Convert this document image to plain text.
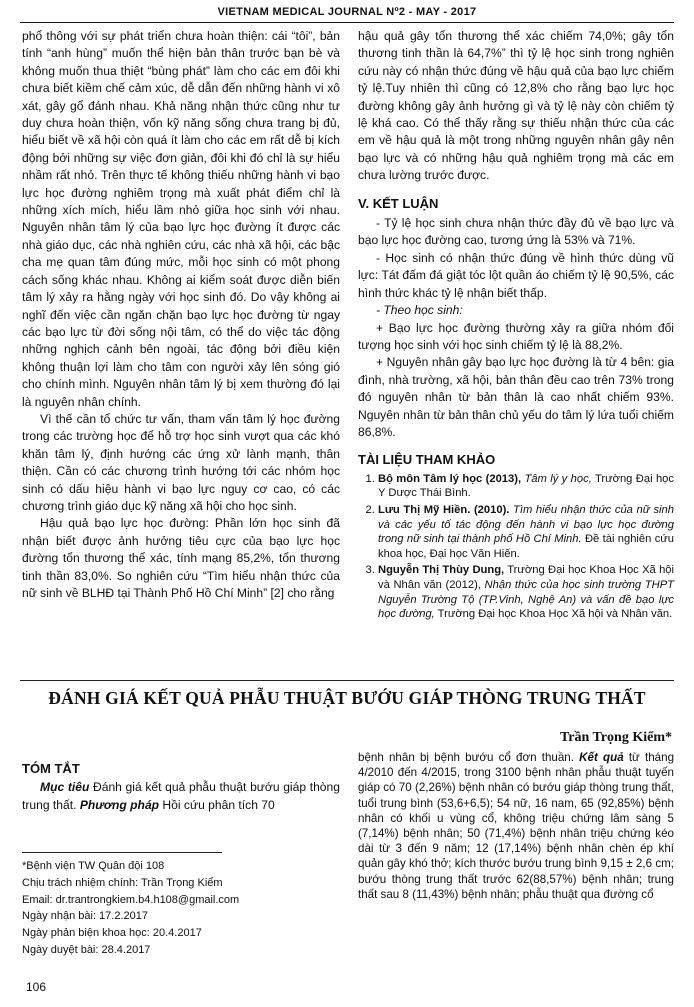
VIETNAM MEDICAL JOURNAL Nº2 - MAY - 2017

phổ thông với sự phát triển chưa hoàn thiện: cái “tôi”, bản tính “anh hùng” muốn thể hiện bản thân trước bạn bè và không muốn thua thiệt “bùng phát” làm cho các em đôi khi chưa biết kiềm chế cảm xúc, dễ dẫn đến những hành vi xô xát, gây gổ đánh nhau. Khả năng nhận thức cũng như tư duy chưa hoàn thiện, vốn kỹ năng sống chưa trang bị đủ, hiểu biết về xã hội còn quá ít làm cho các em rất dễ bị kích động bởi những sự việc đơn giản, đôi khi đó chỉ là sự hiểu nhầm rất nhỏ. Trên thực tế không thiếu những hành vi bạo lực học đường nghiêm trọng mà xuất phát điểm chỉ là những xích mích, hiểu lầm nhỏ giữa học sinh với nhau. Nguyên nhân tâm lý của bạo lực học đường ít được các nhà giáo dục, các nhà nghiên cứu, các nhà xã hội, các bậc cha mẹ quan tâm đúng mức, mỗi học sinh có một phong cách sống khác nhau. Không ai kiểm soát được diễn biến tâm lý xảy ra hằng ngày với học sinh đó. Do vậy không ai nghĩ đến việc cần ngăn chặn bạo lực học đường từ ngay các bạo lực từ đời sống nội tâm, có thể do việc tác động những nghịch cảnh bên ngoài, tác động bởi điều kiện không thuận lợi làm cho tâm con người xảy lên sóng gió cho chính mình. Nguyên nhân tâm lý bị xem thường đó lại là nguyên nhân chính.

Vì thế cần tổ chức tư vấn, tham vấn tâm lý học đường trong các trường học để hỗ trợ học sinh vượt qua các khó khăn tâm lý, định hướng các ứng xử lành mạnh, thân thiện. Cần có các chương trình hướng tới các nhóm học sinh có dấu hiệu hành vi bạo lực nguy cơ cao, có các chương trình giáo dục kỹ năng xã hội cho học sinh.

Hậu quả bạo lực học đường: Phần lớn học sinh đã nhận biết được ảnh hưởng tiêu cực của bạo lực học đường tổn thương thể xác, tính mạng 85,2%, tổn thương tinh thần 83,0%. So nghiên cứu “Tìm hiểu nhận thức của nữ sinh về BLHĐ tại Thành Phố Hồ Chí Minh” [2] cho rằng

hậu quả gây tổn thương thể xác chiếm 74,0%; gây tổn thương tinh thần là 64,7%” thì tỷ lệ học sinh trong nghiên cứu này có nhận thức đúng về hậu quả của bạo lực chiếm tỷ lệ.Tuy nhiên thì cũng có 12,8% cho rằng bạo lực học đường không gây ảnh hưởng gì và tỷ lệ này còn chiếm tỷ lệ khá cao. Có thể thấy rằng sự thiếu nhận thức của các em về hậu quả là một trong những nguyên nhân gây nên bạo lực và có những hậu quả nghiêm trọng mà các em chưa lường trước được.

V. KẾT LUẬN

- Tỷ lệ học sinh chưa nhận thức đầy đủ về bạo lực và bạo lực học đường cao, tương ứng là 53% và 71%.

- Học sinh có nhận thức đúng về hình thức dùng vũ lực: Tát đấm đá giật tóc lột quần áo chiếm tỷ lệ 90,5%, các hình thức khác tỷ lệ nhận biết thấp.

- Theo học sinh:

+ Bạo lực học đường thường xảy ra giữa nhóm đối tượng học sinh với học sinh chiếm tỷ lệ là 88,2%.

+ Nguyên nhân gây bạo lực học đường là từ 4 bên: gia đình, nhà trường, xã hội, bản thân đều cao trên 73% trong đó nguyên nhân từ bản thân là cao nhất chiếm 93%. Nguyên nhân từ bản thân chủ yếu do tâm lý lứa tuổi chiếm 86,8%.

TÀI LIỆU THAM KHẢO
1. Bộ môn Tâm lý học (2013), Tâm lý y học, Trường Đại học Y Dược Thái Bình.
2. Lưu Thị Mỹ Hiền. (2010). Tìm hiểu nhận thức của nữ sinh và các yếu tố tác động đến hành vi bạo lực học đường trong nữ sinh tại thành phố Hồ Chí Minh. Đề tài nghiên cứu khoa học, Đại học Văn Hiến.
3. Nguyễn Thị Thùy Dung, Trường Đại học Khoa Học Xã hội và Nhân văn (2012), Nhận thức của học sinh trường THPT Nguyễn Trường Tộ (TP.Vinh, Nghệ An) và vấn đề bạo lực học đường, Trường Đại học Khoa Học Xã hội và Nhân văn.
ĐÁNH GIÁ KẾT QUẢ PHẪU THUẬT BƯỚU GIÁP THÒNG TRUNG THẤT
Trần Trọng Kiểm*
TÓM TẮT

Mục tiêu Đánh giá kết quả phẫu thuật bướu giáp thòng trung thất. Phương pháp Hồi cứu phân tích 70

bệnh nhân bị bệnh bướu cổ đơn thuần. Kết quả từ tháng 4/2010 đến 4/2015, trong 3100 bệnh nhân phẫu thuật tuyến giáp có 70 (2,26%) bệnh nhân có bướu giáp thòng trung thất, tuổi trung bình (53,6+6,5); 54 nữ, 16 nam, 65 (92,85%) bệnh nhân có khối u vùng cổ, không triệu chứng lâm sàng 5 (7,14%) bệnh nhân; 50 (71,4%) bệnh nhân triệu chứng kéo dài từ 3 đến 9 năm; 12 (17,14%) bệnh nhân chèn ép khí quản gây khó thở; kích thước bướu trung bình 9,15 ± 2,6 cm; bướu thòng trung thất trước 62(88,57%) bệnh nhân; trung thất sau 8 (11,43%) bệnh nhân; phẫu thuật qua đường cổ

*Bệnh viện TW Quân đội 108
Chịu trách nhiệm chính: Trần Trọng Kiểm
Email: dr.trantrongkiem.b4.h108@gmail.com
Ngày nhận bài: 17.2.2017
Ngày phản biện khoa học: 20.4.2017
Ngày duyệt bài: 28.4.2017
106
